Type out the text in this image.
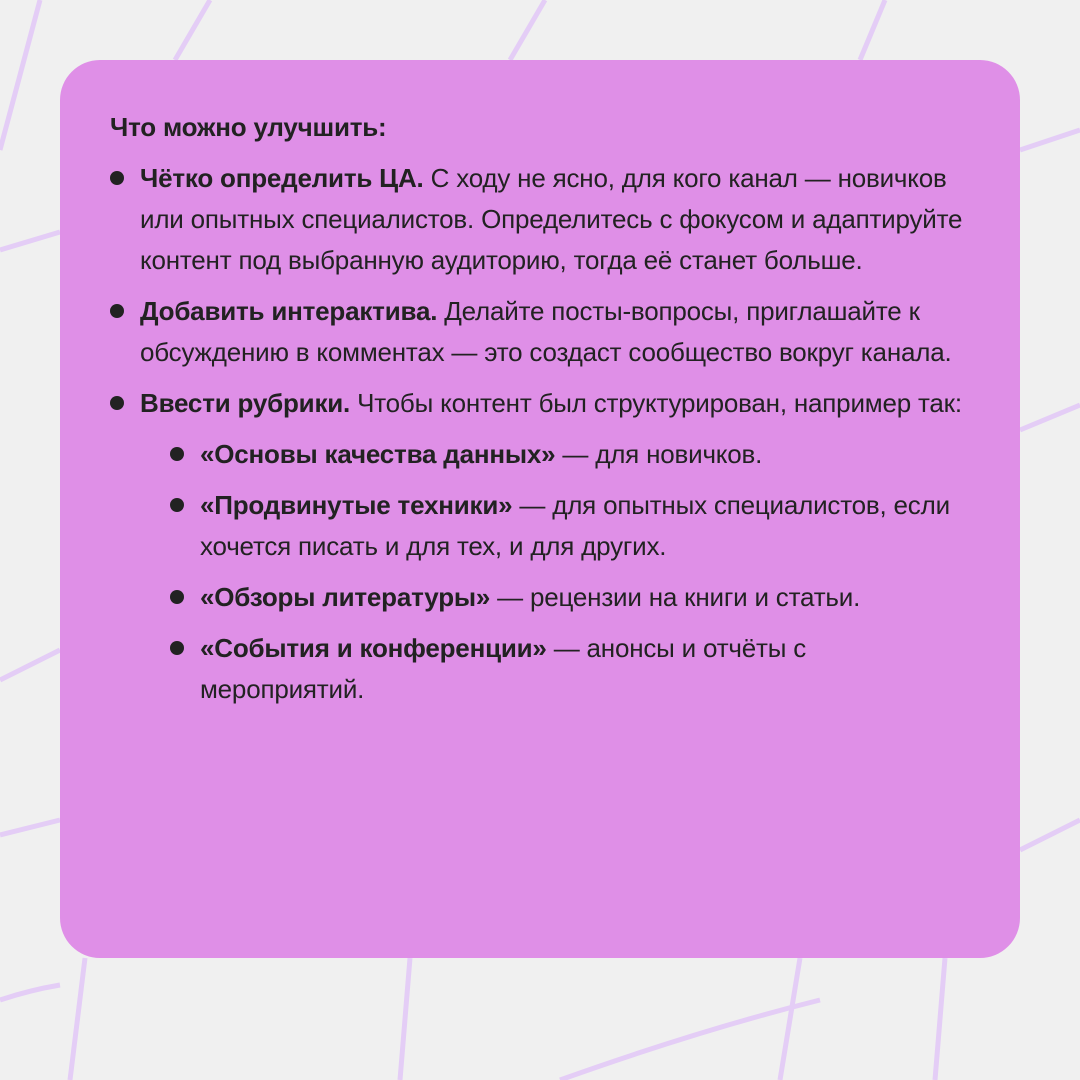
Что можно улучшить:
Чётко определить ЦА. С ходу не ясно, для кого канал — новичков или опытных специалистов. Определитесь с фокусом и адаптируйте контент под выбранную аудиторию, тогда её станет больше.
Добавить интерактива. Делайте посты-вопросы, приглашайте к обсуждению в комментах — это создаст сообщество вокруг канала.
Ввести рубрики. Чтобы контент был структурирован, например так:
«Основы качества данных» — для новичков.
«Продвинутые техники» — для опытных специалистов, если хочется писать и для тех, и для других.
«Обзоры литературы» — рецензии на книги и статьи.
«События и конференции» — анонсы и отчёты с мероприятий.
